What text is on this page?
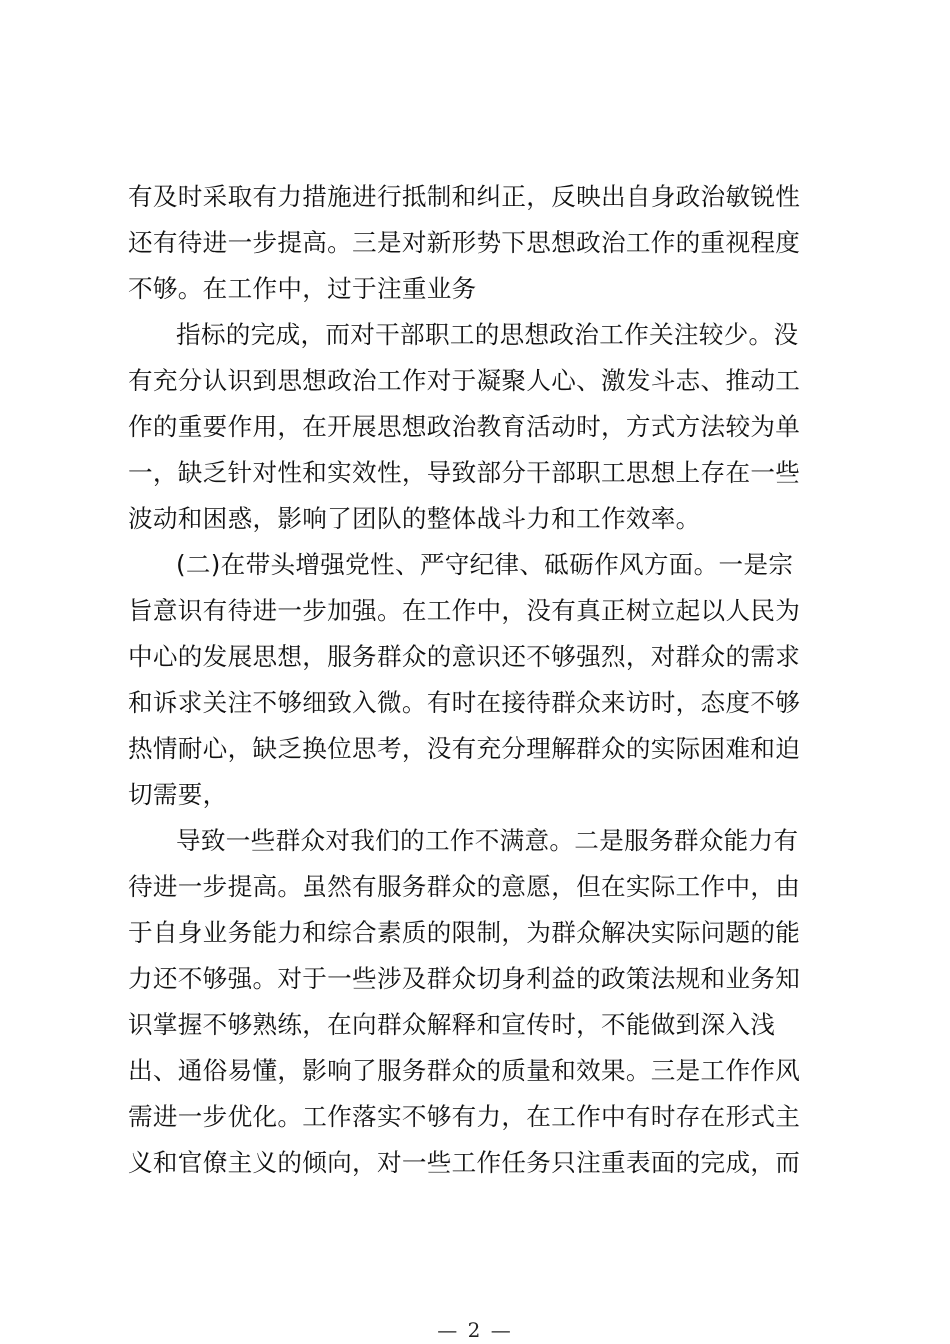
有及时采取有力措施进行抵制和纠正，反映出自身政治敏锐性
还有待进一步提高。三是对新形势下思想政治工作的重视程度
不够。在工作中，过于注重业务
指标的完成，而对干部职工的思想政治工作关注较少。没
有充分认识到思想政治工作对于凝聚人心、激发斗志、推动工
作的重要作用，在开展思想政治教育活动时，方式方法较为单
一，缺乏针对性和实效性，导致部分干部职工思想上存在一些
波动和困惑，影响了团队的整体战斗力和工作效率。
(二)在带头增强党性、严守纪律、砥砺作风方面。一是宗
旨意识有待进一步加强。在工作中，没有真正树立起以人民为
中心的发展思想，服务群众的意识还不够强烈，对群众的需求
和诉求关注不够细致入微。有时在接待群众来访时，态度不够
热情耐心，缺乏换位思考，没有充分理解群众的实际困难和迫
切需要，
导致一些群众对我们的工作不满意。二是服务群众能力有
待进一步提高。虽然有服务群众的意愿，但在实际工作中，由
于自身业务能力和综合素质的限制，为群众解决实际问题的能
力还不够强。对于一些涉及群众切身利益的政策法规和业务知
识掌握不够熟练，在向群众解释和宣传时，不能做到深入浅
出、通俗易懂，影响了服务群众的质量和效果。三是工作作风
需进一步优化。工作落实不够有力，在工作中有时存在形式主
义和官僚主义的倾向，对一些工作任务只注重表面的完成，而
— 2 —
